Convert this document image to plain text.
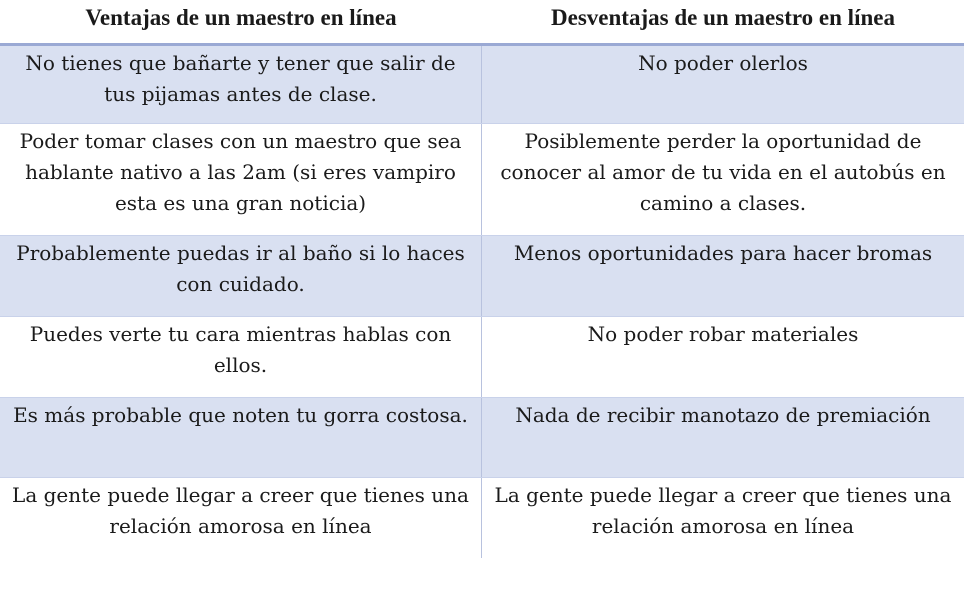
Ventajas de un maestro en línea	Desventajas de un maestro en línea
No tienes que bañarte y tener que salir de tus pijamas antes de clase.
No poder olerlos
Poder tomar clases con un maestro que sea hablante nativo a las 2am (si eres vampiro esta es una gran noticia)
Posiblemente perder la oportunidad de conocer al amor de tu vida en el autobús en camino a clases.
Probablemente puedas ir al baño si lo haces con cuidado.
Menos oportunidades para hacer bromas
Puedes verte tu cara mientras hablas con ellos.
No poder robar materiales
Es más probable que noten tu gorra costosa.	Nada de recibir manotazo de premiación
La gente puede llegar a creer que tienes una relación amorosa en línea
La gente puede llegar a creer que tienes una relación amorosa en línea
